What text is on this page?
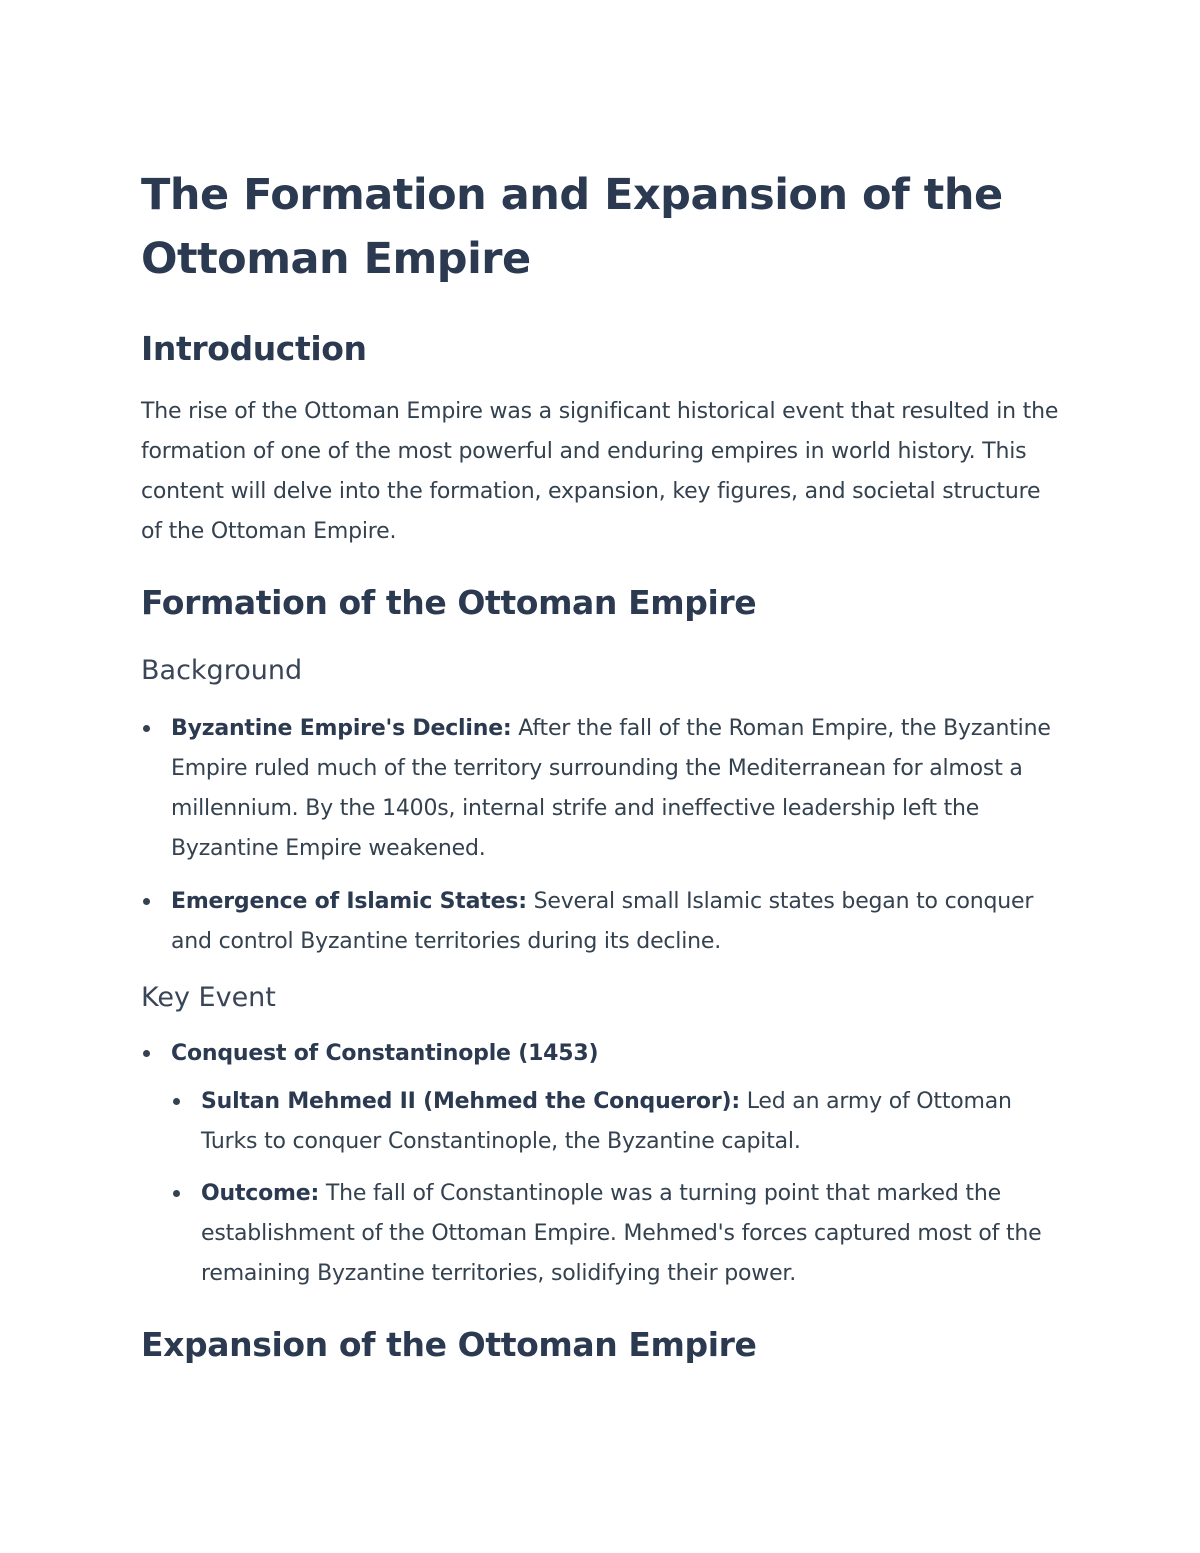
The Formation and Expansion of the Ottoman Empire
Introduction

The rise of the Ottoman Empire was a significant historical event that resulted in the formation of one of the most powerful and enduring empires in world history. This content will delve into the formation, expansion, key figures, and societal structure of the Ottoman Empire.

Formation of the Ottoman Empire
Background
Byzantine Empire's Decline: After the fall of the Roman Empire, the Byzantine Empire ruled much of the territory surrounding the Mediterranean for almost a millennium. By the 1400s, internal strife and ineffective leadership left the Byzantine Empire weakened.
Emergence of Islamic States: Several small Islamic states began to conquer and control Byzantine territories during its decline.
Key Event
Conquest of Constantinople (1453)
Sultan Mehmed II (Mehmed the Conqueror): Led an army of Ottoman Turks to conquer Constantinople, the Byzantine capital.
Outcome: The fall of Constantinople was a turning point that marked the establishment of the Ottoman Empire. Mehmed's forces captured most of the remaining Byzantine territories, solidifying their power.
Expansion of the Ottoman Empire
